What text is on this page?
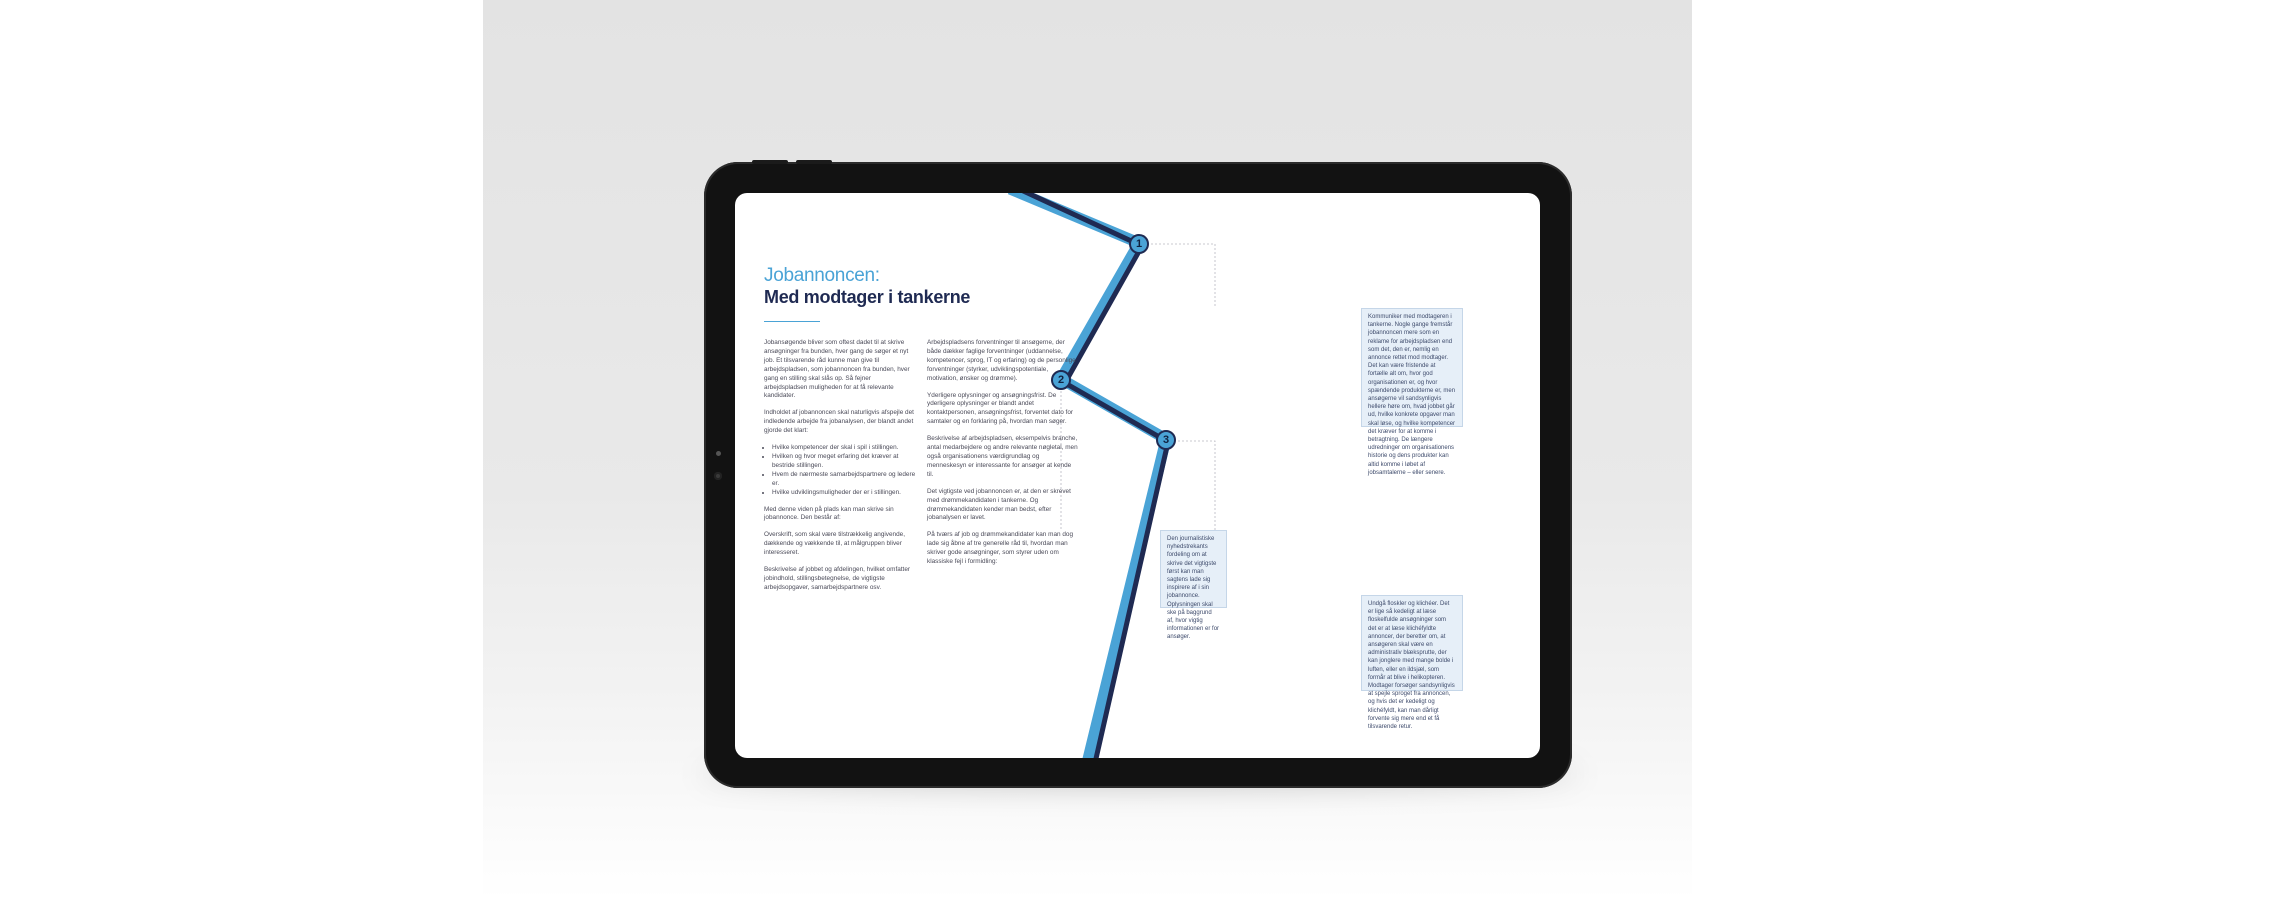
Jobannoncen:
Med modtager i tankerne

Jobansøgende bliver som oftest dadet til at skrive ansøgninger fra bunden, hver gang de søger et nyt job. Et tilsvarende råd kunne man give til arbejdspladsen, som jobannoncen fra bunden, hver gang en stilling skal slås op. Så fejner arbejdspladsen muligheden for at få relevante kandidater.

Indholdet af jobannoncen skal naturligvis afspejle det indledende arbejde fra jobanalysen, der blandt andet gjorde det klart:

• Hvilke kompetencer der skal i spil i stillingen.
• Hvilken og hvor meget erfaring det kræver at bestride stillingen.
• Hvem de nærmeste samarbejdspartnere og ledere er.
• Hvilke udviklingsmuligheder der er i stillingen.

Med denne viden på plads kan man skrive sin jobannonce. Den består af:

Overskrift, som skal være tilstrækkelig angivende, dækkende og vækkende til, at målgruppen bliver interesseret.

Beskrivelse af jobbet og afdelingen, hvilket omfatter jobindhold, stillingsbetegnelse, de vigtigste arbejdsopgaver, samarbejdspartnere osv.

Arbejdspladsens forventninger til ansøgerne, der både dækker faglige forventninger (uddannelse, kompetencer, sprog, IT og erfaring) og de personlige forventninger (styrker, udviklingspotentiale, motivation, ønsker og drømme).

Yderligere oplysninger og ansøgningsfrist. De yderligere oplysninger er blandt andet kontaktpersonen, ansøgningsfrist, forventet dato for samtaler og en forklaring på, hvordan man søger.

Beskrivelse af arbejdspladsen, eksempelvis branche, antal medarbejdere og andre relevante nøgletal, men også organisationens værdigrundlag og menneskesyn er interessante for ansøger at kende til.

Det vigtigste ved jobannoncen er, at den er skrevet med drømmekandidaten i tankerne. Og drømmekandidaten kender man bedst, efter jobanalysen er lavet.

På tværs af job og drømmekandidater kan man dog lade sig åbne af tre generelle råd til, hvordan man skriver gode ansøgninger, som styrer uden om klassiske fejl i formidling:

1
2
3
Kommuniker med modtageren i tankerne. Nogle gange fremstår jobannoncen mere som en reklame for arbejdspladsen end som det, den er, nemlig en annonce rettet mod modtager. Det kan være fristende at fortælle alt om, hvor god organisationen er, og hvor spændende produkterne er, men ansøgerne vil sandsynligvis hellere høre om, hvad jobbet går ud, hvilke konkrete opgaver man skal løse, og hvilke kompetencer det kræver for at komme i betragtning. De længere udredninger om organisationens historie og dens produkter kan altid komme i løbet af jobsamtalerne – eller senere.
Den journalistiske nyhedstrekants fordeling om at skrive det vigtigste først kan man sagtens lade sig inspirere af i sin jobannonce. Oplysningen skal ske på baggrund af, hvor vigtig informationen er for ansøger.
Undgå floskler og klichéer. Det er lige så kedeligt at læse floskelfulde ansøgninger som det er at læse klichéfyldte annoncer, der beretter om, at ansøgeren skal være en administrativ blæksprutte, der kan jonglere med mange bolde i luften, eller en ildsjæl, som formår at blive i helikopteren. Modtager forsøger sandsynligvis at spejle sproget fra annoncen, og hvis det er kedeligt og klichéfyldt, kan man dårligt forvente sig mere end et få tilsvarende retur.
